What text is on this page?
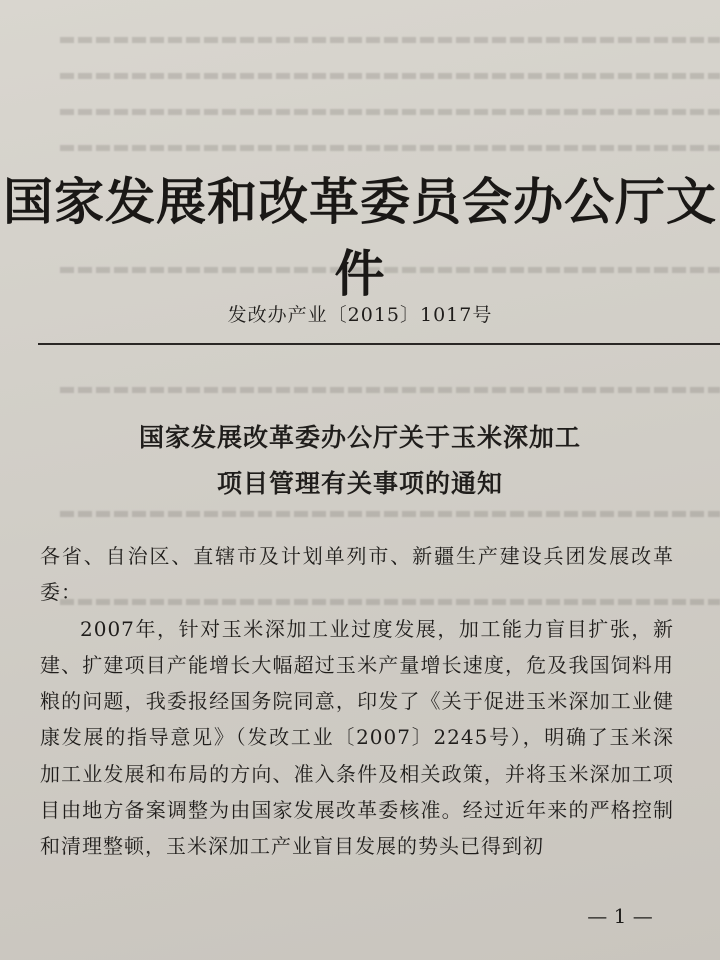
国家发展和改革委员会办公厅文件
发改办产业〔2015〕1017号
国家发展改革委办公厅关于玉米深加工
项目管理有关事项的通知

各省、自治区、直辖市及计划单列市、新疆生产建设兵团发展改革委：

2007年，针对玉米深加工业过度发展，加工能力盲目扩张，新建、扩建项目产能增长大幅超过玉米产量增长速度，危及我国饲料用粮的问题，我委报经国务院同意，印发了《关于促进玉米深加工业健康发展的指导意见》（发改工业〔2007〕2245号），明确了玉米深加工业发展和布局的方向、准入条件及相关政策，并将玉米深加工项目由地方备案调整为由国家发展改革委核准。经过近年来的严格控制和清理整顿，玉米深加工产业盲目发展的势头已得到初

— 1 —
